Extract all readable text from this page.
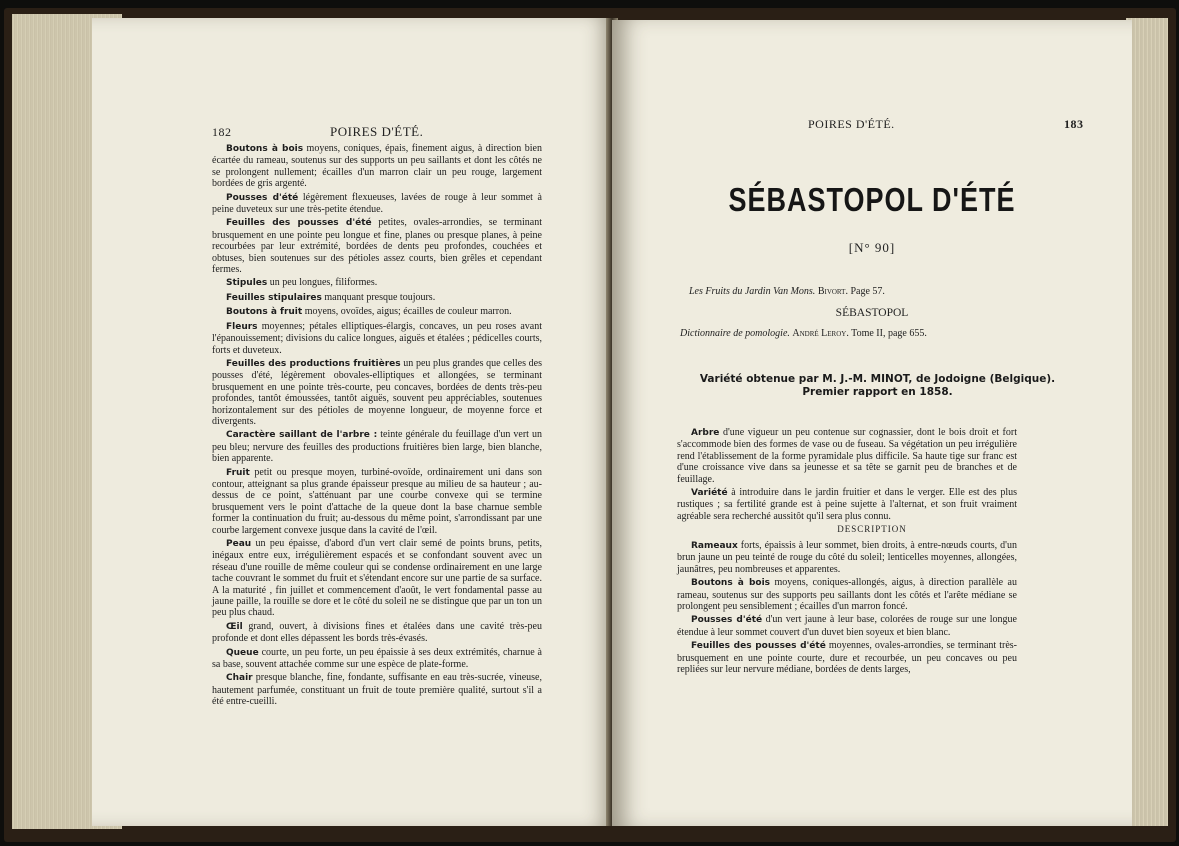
182	POIRES D'ÉTÉ.

Boutons à bois moyens, coniques, épais, finement aigus, à direction bien écartée du rameau, soutenus sur des supports un peu saillants et dont les côtés ne se prolongent nullement; écailles d'un marron clair un peu rouge, largement bordées de gris argenté.

Pousses d'été légèrement flexueuses, lavées de rouge à leur sommet à peine duveteux sur une très-petite étendue.

Feuilles des pousses d'été petites, ovales-arrondies, se terminant brusquement en une pointe peu longue et fine, planes ou presque planes, à peine recourbées par leur extrémité, bordées de dents peu profondes, couchées et obtuses, bien soutenues sur des pétioles assez courts, bien grêles et cependant fermes.

Stipules un peu longues, filiformes.

Feuilles stipulaires manquant presque toujours.

Boutons à fruit moyens, ovoïdes, aigus; écailles de couleur marron.

Fleurs moyennes; pétales elliptiques-élargis, concaves, un peu roses avant l'épanouissement; divisions du calice longues, aiguës et étalées ; pédicelles courts, forts et duveteux.

Feuilles des productions fruitières un peu plus grandes que celles des pousses d'été, légèrement obovales-elliptiques et allongées, se terminant brusquement en une pointe très-courte, peu concaves, bordées de dents très-peu profondes, tantôt émoussées, tantôt aiguës, souvent peu appréciables, soutenues horizontalement sur des pétioles de moyenne longueur, de moyenne force et divergents.

Caractère saillant de l'arbre : teinte générale du feuillage d'un vert un peu bleu; nervure des feuilles des productions fruitières bien large, bien blanche, bien apparente.

Fruit petit ou presque moyen, turbiné-ovoïde, ordinairement uni dans son contour, atteignant sa plus grande épaisseur presque au milieu de sa hauteur ; au-dessus de ce point, s'atténuant par une courbe convexe qui se termine brusquement vers le point d'attache de la queue dont la base charnue semble former la continuation du fruit; au-dessous du même point, s'arrondissant par une courbe largement convexe jusque dans la cavité de l'œil.

Peau un peu épaisse, d'abord d'un vert clair semé de points bruns, petits, inégaux entre eux, irrégulièrement espacés et se confondant souvent avec un réseau d'une rouille de même couleur qui se condense ordinairement en une large tache couvrant le sommet du fruit et s'étendant encore sur une partie de sa surface. A la maturité , fin juillet et commencement d'août, le vert fondamental passe au jaune paille, la rouille se dore et le côté du soleil ne se distingue que par un ton un peu plus chaud.

Œil grand, ouvert, à divisions fines et étalées dans une cavité très-peu profonde et dont elles dépassent les bords très-évasés.

Queue courte, un peu forte, un peu épaissie à ses deux extrémités, charnue à sa base, souvent attachée comme sur une espèce de plate-forme.

Chair presque blanche, fine, fondante, suffisante en eau très-sucrée, vineuse, hautement parfumée, constituant un fruit de toute première qualité, surtout s'il a été entre-cueilli.

POIRES D'ÉTÉ.	183
SÉBASTOPOL D'ÉTÉ
[N° 90]
Les Fruits du Jardin Van Mons. Bivort. Page 57.
SÉBASTOPOL
Dictionnaire de pomologie. André Leroy. Tome II, page 655.
Variété obtenue par M. J.-M. MINOT, de Jodoigne (Belgique).
Premier rapport en 1858.

Arbre d'une vigueur un peu contenue sur cognassier, dont le bois droit et fort s'accommode bien des formes de vase ou de fuseau. Sa végétation un peu irrégulière rend l'établissement de la forme pyramidale plus difficile. Sa haute tige sur franc est d'une croissance vive dans sa jeunesse et sa tête se garnit peu de branches et de feuillage.

Variété à introduire dans le jardin fruitier et dans le verger. Elle est des plus rustiques ; sa fertilité grande est à peine sujette à l'alternat, et son fruit vraiment agréable sera recherché aussitôt qu'il sera plus connu.

DESCRIPTION

Rameaux forts, épaissis à leur sommet, bien droits, à entre-nœuds courts, d'un brun jaune un peu teinté de rouge du côté du soleil; lenticelles moyennes, allongées, jaunâtres, peu nombreuses et apparentes.

Boutons à bois moyens, coniques-allongés, aigus, à direction parallèle au rameau, soutenus sur des supports peu saillants dont les côtés et l'arête médiane se prolongent peu sensiblement ; écailles d'un marron foncé.

Pousses d'été d'un vert jaune à leur base, colorées de rouge sur une longue étendue à leur sommet couvert d'un duvet bien soyeux et bien blanc.

Feuilles des pousses d'été moyennes, ovales-arrondies, se terminant très-brusquement en une pointe courte, dure et recourbée, un peu concaves ou peu repliées sur leur nervure médiane, bordées de dents larges,
